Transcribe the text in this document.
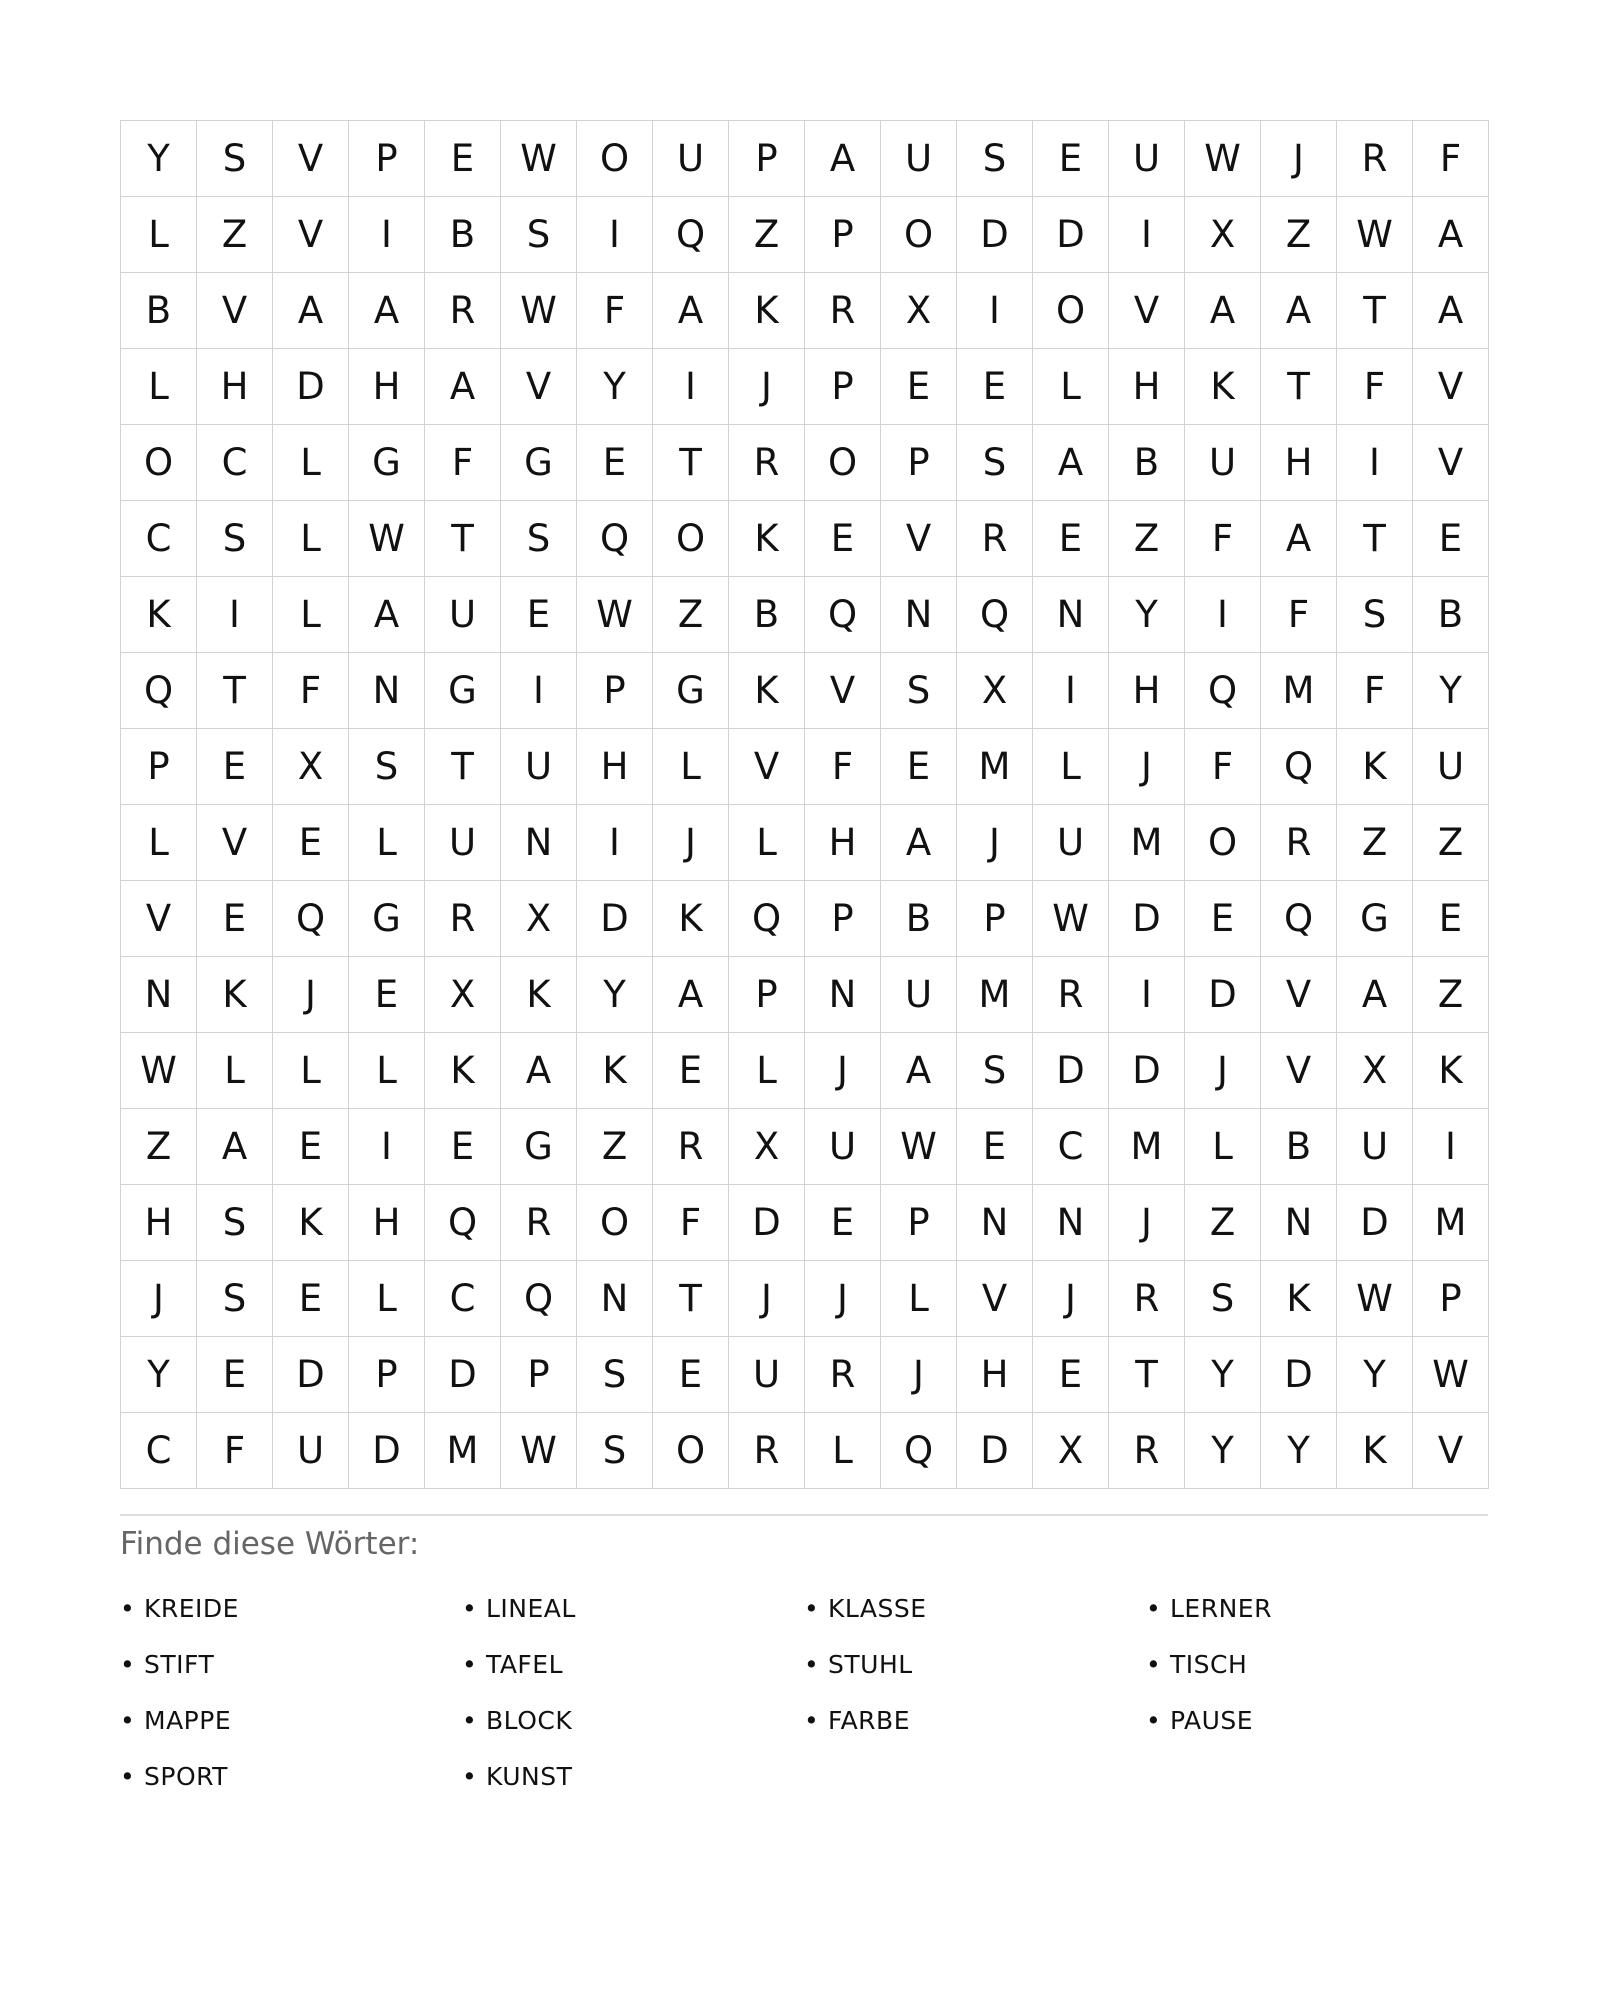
Y	S	V	P	E	W	O	U	P	A	U	S	E	U	W	J	R	F
L	Z	V	I	B	S	I	Q	Z	P	O	D	D	I	X	Z	W	A
B	V	A	A	R	W	F	A	K	R	X	I	O	V	A	A	T	A
L	H	D	H	A	V	Y	I	J	P	E	E	L	H	K	T	F	V
O	C	L	G	F	G	E	T	R	O	P	S	A	B	U	H	I	V
C	S	L	W	T	S	Q	O	K	E	V	R	E	Z	F	A	T	E
K	I	L	A	U	E	W	Z	B	Q	N	Q	N	Y	I	F	S	B
Q	T	F	N	G	I	P	G	K	V	S	X	I	H	Q	M	F	Y
P	E	X	S	T	U	H	L	V	F	E	M	L	J	F	Q	K	U
L	V	E	L	U	N	I	J	L	H	A	J	U	M	O	R	Z	Z
V	E	Q	G	R	X	D	K	Q	P	B	P	W	D	E	Q	G	E
N	K	J	E	X	K	Y	A	P	N	U	M	R	I	D	V	A	Z
W	L	L	L	K	A	K	E	L	J	A	S	D	D	J	V	X	K
Z	A	E	I	E	G	Z	R	X	U	W	E	C	M	L	B	U	I
H	S	K	H	Q	R	O	F	D	E	P	N	N	J	Z	N	D	M
J	S	E	L	C	Q	N	T	J	J	L	V	J	R	S	K	W	P
Y	E	D	P	D	P	S	E	U	R	J	H	E	T	Y	D	Y	W
C	F	U	D	M	W	S	O	R	L	Q	D	X	R	Y	Y	K	V
Finde diese Wörter:
• KREIDE	• LINEAL	• KLASSE	• LERNER
• STIFT	• TAFEL	• STUHL	• TISCH
• MAPPE	• BLOCK	• FARBE	• PAUSE
• SPORT	• KUNST
